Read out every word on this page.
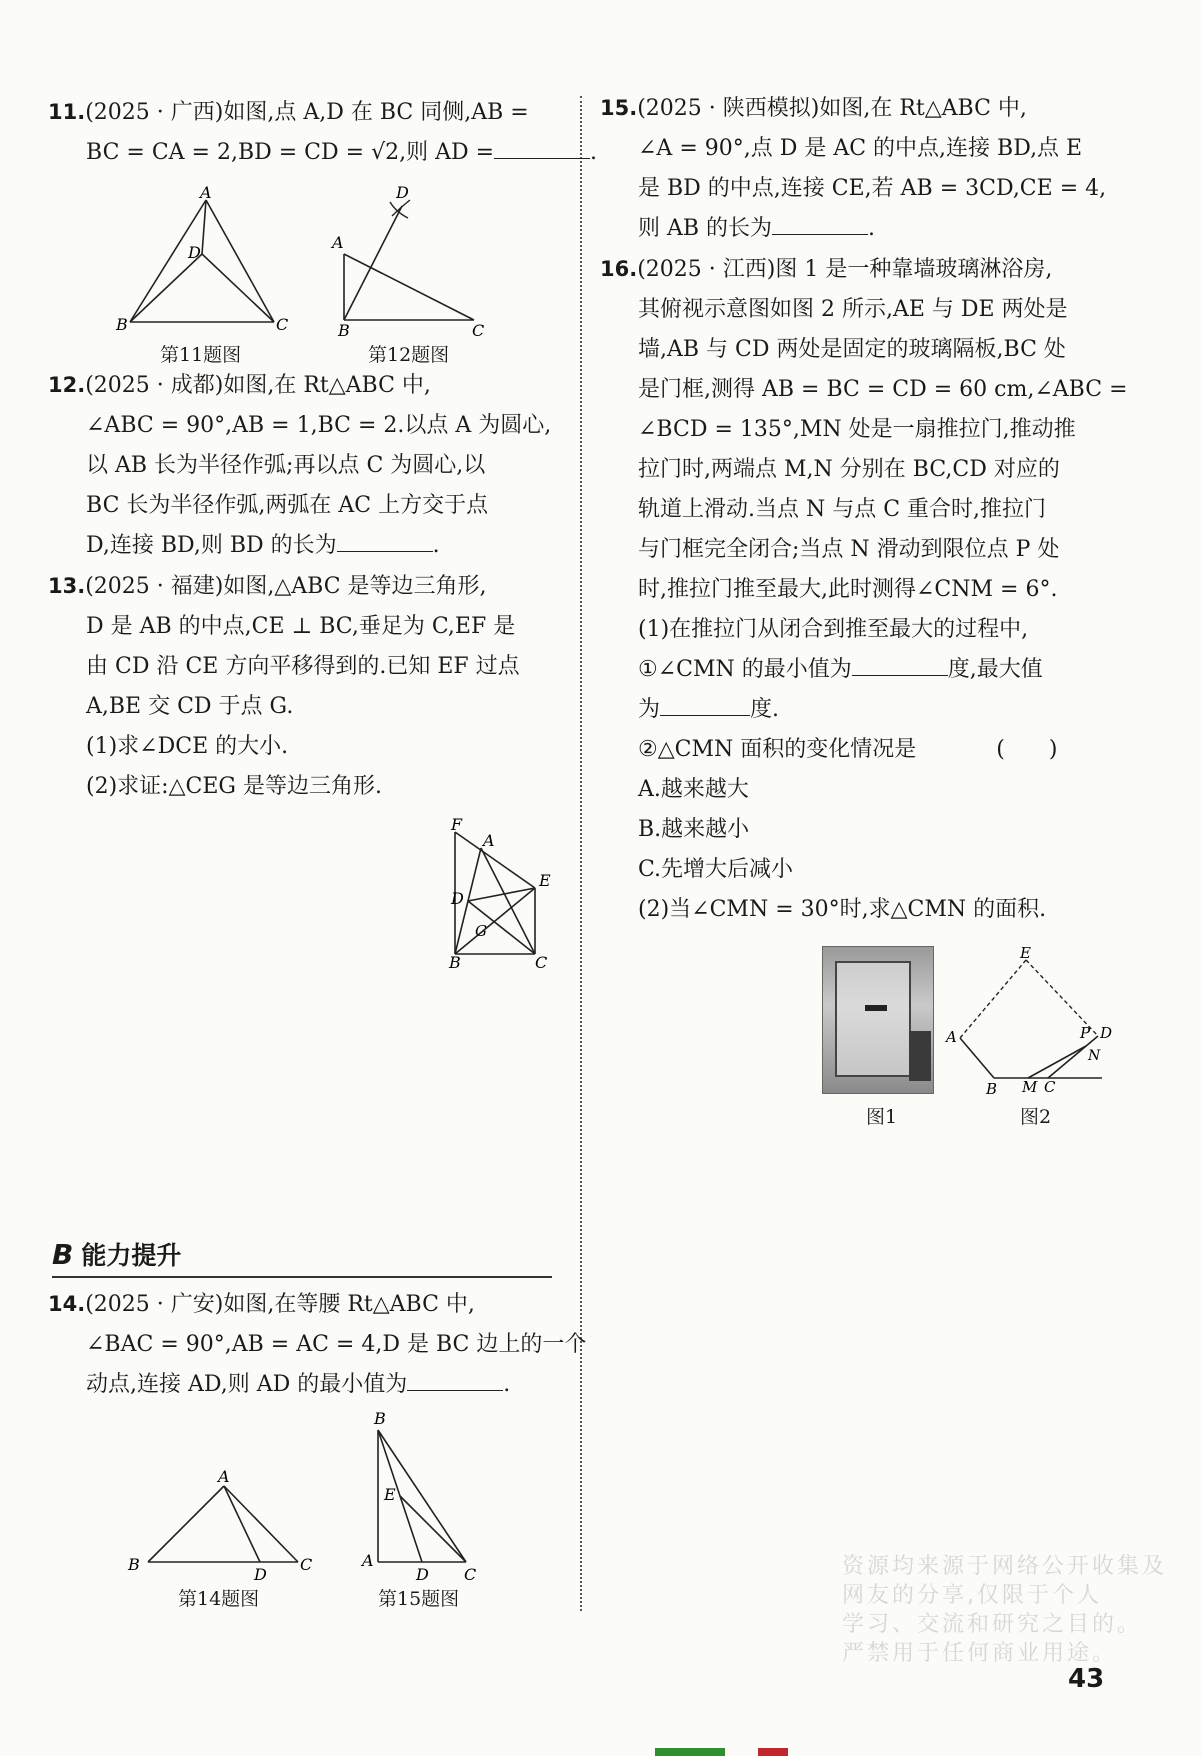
11.(2025 · 广西)如图,点 A,D 在 BC 同侧,AB =
BC = CA = 2,BD = CD = √2,则 AD =	.
A
D
B	C
A
D
B	C
第11题图	第12题图
12.(2025 · 成都)如图,在 Rt△ABC 中,
∠ABC = 90°,AB = 1,BC = 2.以点 A 为圆心,
以 AB 长为半径作弧;再以点 C 为圆心,以
BC 长为半径作弧,两弧在 AC 上方交于点
D,连接 BD,则 BD 的长为	.
13.(2025 · 福建)如图,△ABC 是等边三角形,
D 是 AB 的中点,CE ⊥ BC,垂足为 C,EF 是
由 CD 沿 CE 方向平移得到的.已知 EF 过点
A,BE 交 CD 于点 G.
(1)求∠DCE 的大小.
(2)求证:△CEG 是等边三角形.
F
A
E
D
G
B	C
B 能力提升
14.(2025 · 广安)如图,在等腰 Rt△ABC 中,
∠BAC = 90°,AB = AC = 4,D 是 BC 边上的一个
动点,连接 AD,则 AD 的最小值为	.
A
B	C
D
B
E
A
D C
第14题图	第15题图
15.(2025 · 陕西模拟)如图,在 Rt△ABC 中,
∠A = 90°,点 D 是 AC 的中点,连接 BD,点 E
是 BD 的中点,连接 CE,若 AB = 3CD,CE = 4,
则 AB 的长为	.
16.(2025 · 江西)图 1 是一种靠墙玻璃淋浴房,
其俯视示意图如图 2 所示,AE 与 DE 两处是
墙,AB 与 CD 两处是固定的玻璃隔板,BC 处
是门框,测得 AB = BC = CD = 60 cm,∠ABC =
∠BCD = 135°,MN 处是一扇推拉门,推动推
拉门时,两端点 M,N 分别在 BC,CD 对应的
轨道上滑动.当点 N 与点 C 重合时,推拉门
与门框完全闭合;当点 N 滑动到限位点 P 处
时,推拉门推至最大,此时测得∠CNM = 6°.
(1)在推拉门从闭合到推至最大的过程中,
①∠CMN 的最小值为	度,最大值
为	度.
②△CMN 面积的变化情况是	(　　)
A.越来越大
B.越来越小
C.先增大后减小
(2)当∠CMN = 30°时,求△CMN 的面积.
E
A	P D
N
B M C
图1	图2
资源均来源于网络公开收集及
网友的分享,仅限于个人
学习、交流和研究之目的。
严禁用于任何商业用途。
43
